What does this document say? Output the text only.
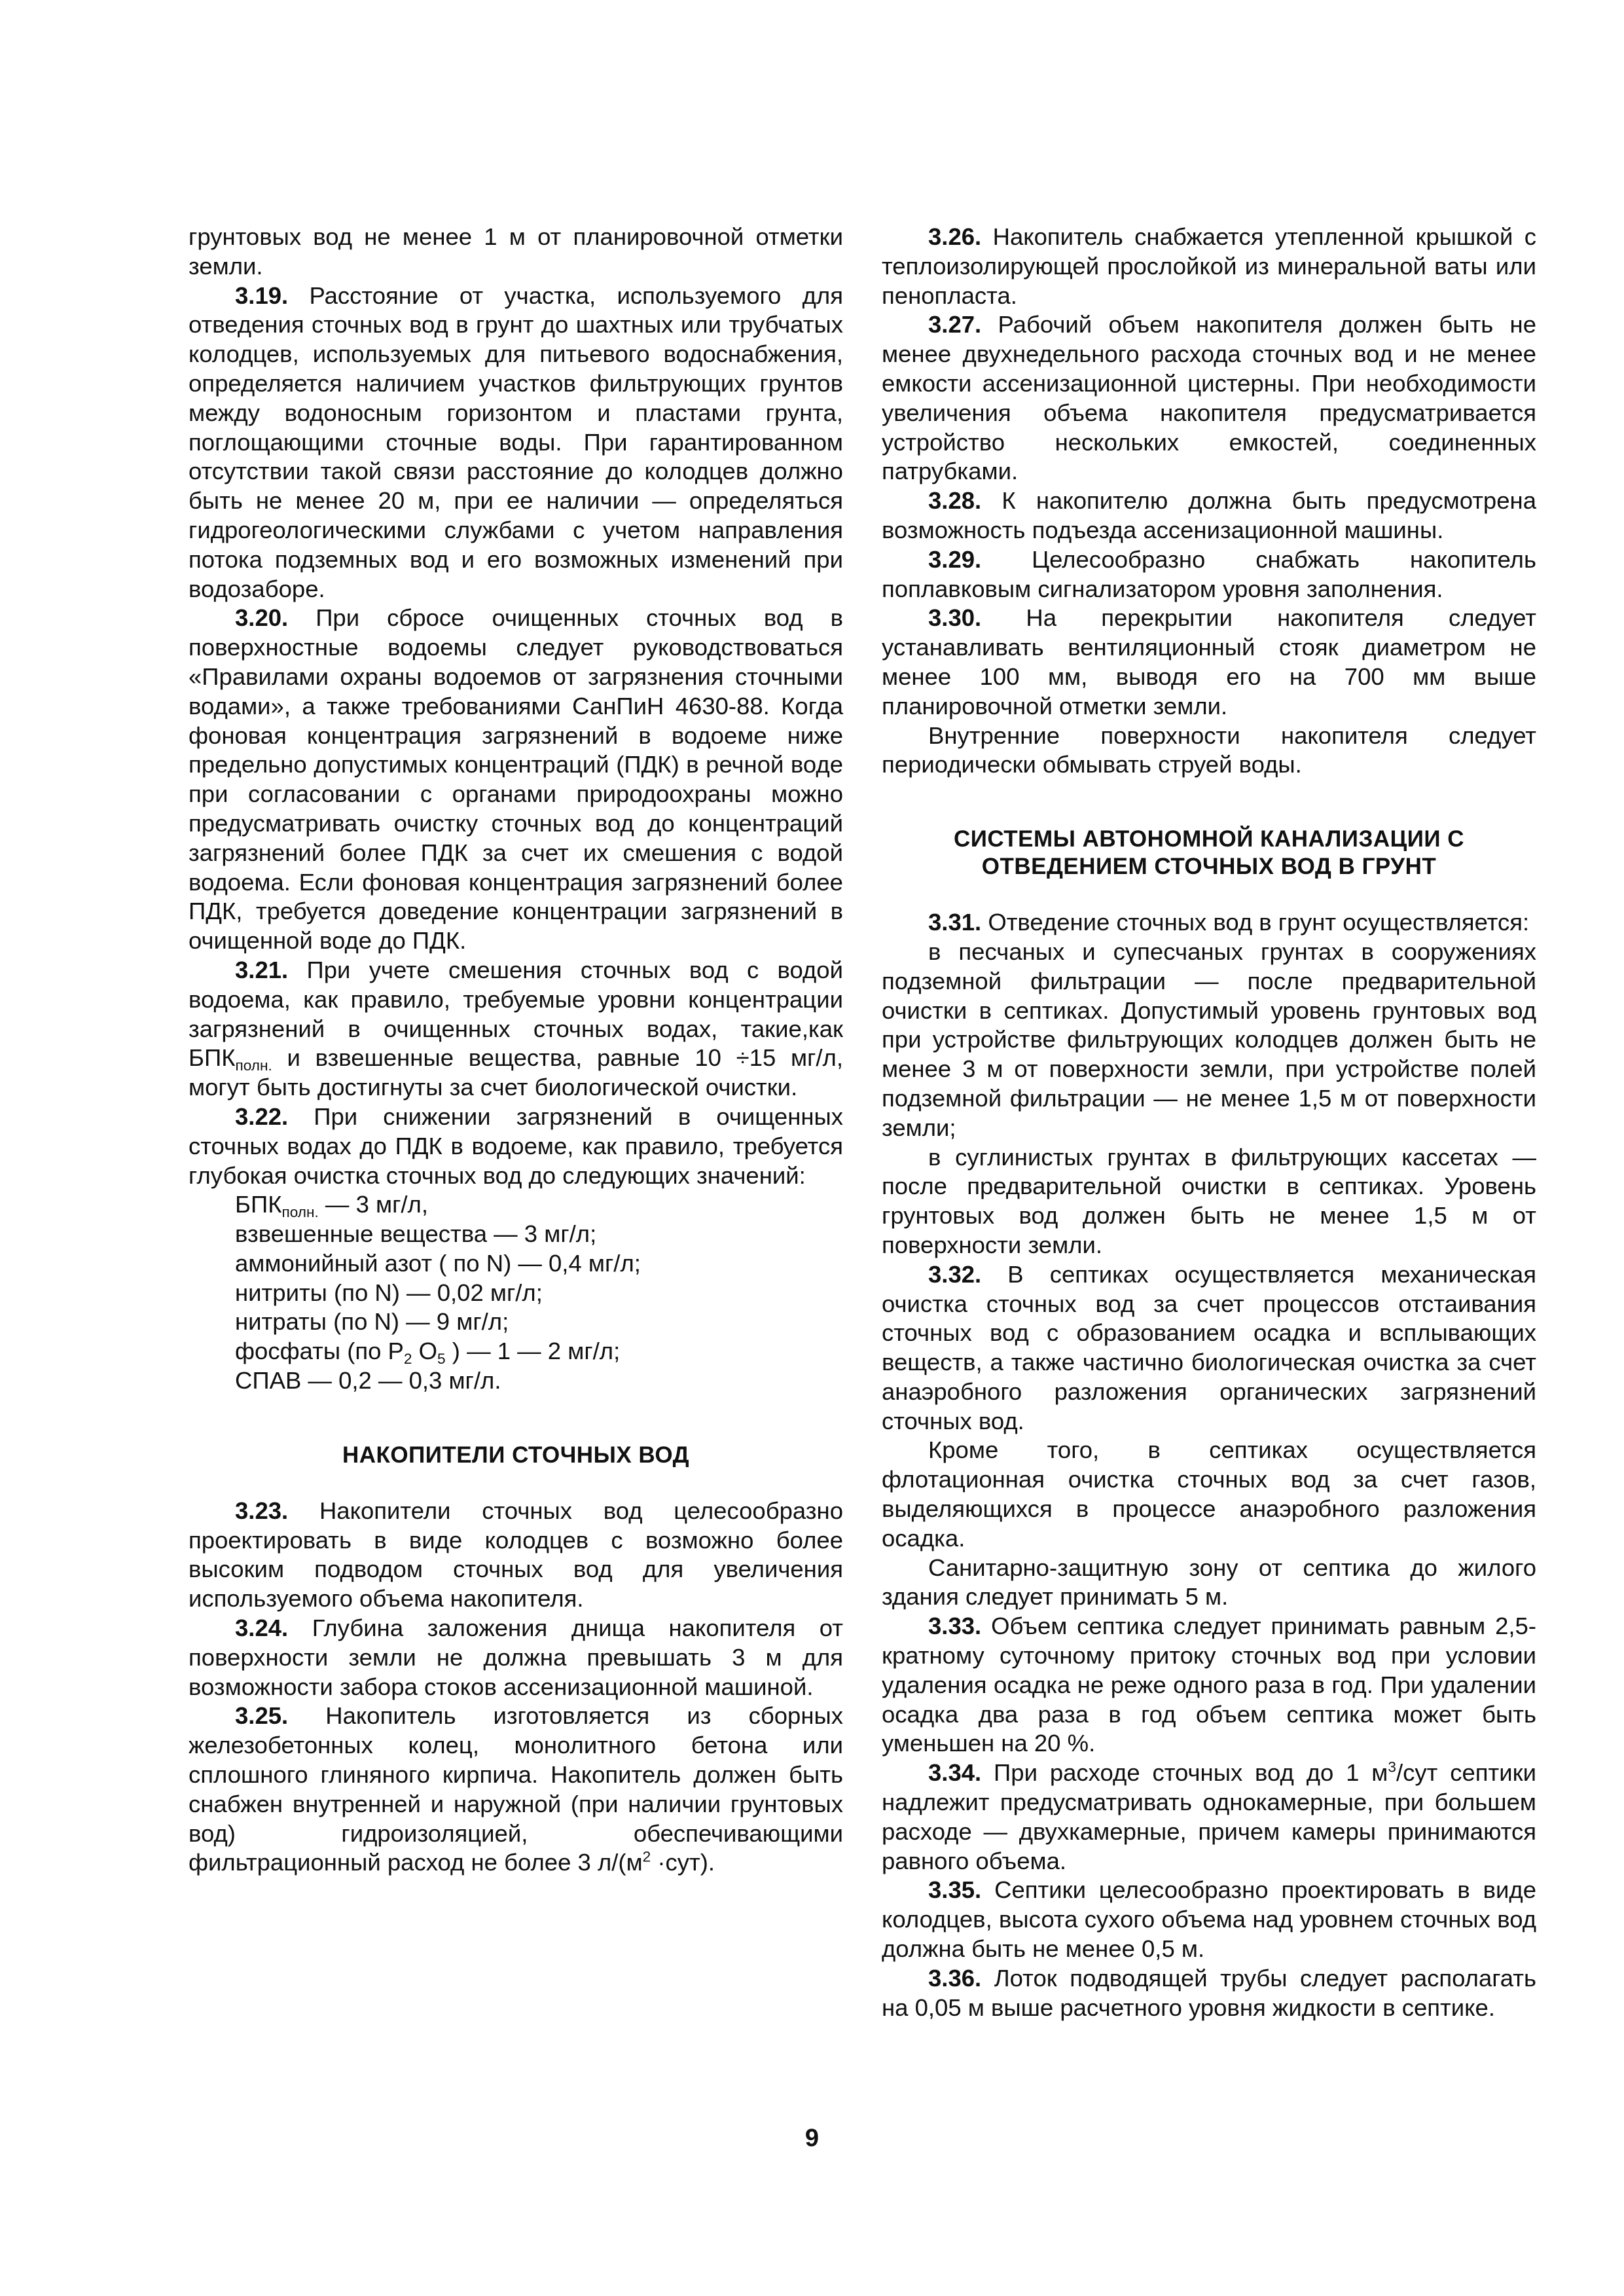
грунтовых вод не менее 1 м от планировочной отметки земли.

3.19. Расстояние от участка, используемого для отведения сточных вод в грунт до шахтных или трубчатых колодцев, используемых для питьевого водоснабжения, определяется наличием участков фильтрующих грунтов между водоносным горизонтом и пластами грунта, поглощающими сточные воды. При гарантированном отсутствии такой связи расстояние до колодцев должно быть не менее 20 м, при ее наличии — определяться гидрогеологическими службами с учетом направления потока подземных вод и его возможных изменений при водозаборе.

3.20. При сбросе очищенных сточных вод в поверхностные водоемы следует руководствоваться «Правилами охраны водоемов от загрязнения сточными водами», а также требованиями СанПиН 4630-88. Когда фоновая концентрация загрязнений в водоеме ниже предельно допустимых концентраций (ПДК) в речной воде при согласовании с органами природоохраны можно предусматривать очистку сточных вод до концентраций загрязнений более ПДК за счет их смешения с водой водоема. Если фоновая концентрация загрязнений более ПДК, требуется доведение концентрации загрязнений в очищенной воде до ПДК.

3.21. При учете смешения сточных вод с водой водоема, как правило, требуемые уровни концентрации загрязнений в очищенных сточных водах, такие,как $БПК_{полн.}$ и взвешенные вещества, равные 10 ÷15 мг/л, могут быть достигнуты за счет биологической очистки.

3.22. При снижении загрязнений в очищенных сточных водах до ПДК в водоеме, как правило, требуется глубокая очистка сточных вод до следующих значений:

$БПК_{полн.}$ — 3 мг/л,

взвешенные вещества — 3 мг/л;

аммонийный азот ( по N) — 0,4 мг/л;

нитриты (по N) — 0,02 мг/л;

нитраты (по N) — 9 мг/л;

фосфаты (по $P_2$ $O_5$ ) — 1 — 2 мг/л;

СПАВ — 0,2 — 0,3 мг/л.

НАКОПИТЕЛИ СТОЧНЫХ ВОД

3.23. Накопители сточных вод целесообразно проектировать в виде колодцев с возможно более высоким подводом сточных вод для увеличения используемого объема накопителя.

3.24. Глубина заложения днища накопителя от поверхности земли не должна превышать 3 м для возможности забора стоков ассенизационной машиной.

3.25. Накопитель изготовляется из сборных железобетонных колец, монолитного бетона или сплошного глиняного кирпича. Накопитель должен быть снабжен внутренней и наружной (при наличии грунтовых вод) гидроизоляцией, обеспечивающими фильтрационный расход не более 3 $л/(м^2 \cdot сут)$.

3.26. Накопитель снабжается утепленной крышкой с теплоизолирующей прослойкой из минеральной ваты или пенопласта.

3.27. Рабочий объем накопителя должен быть не менее двухнедельного расхода сточных вод и не менее емкости ассенизационной цистерны. При необходимости увеличения объема накопителя предусматривается устройство нескольких емкостей, соединенных патрубками.

3.28. К накопителю должна быть предусмотрена возможность подъезда ассенизационной машины.

3.29. Целесообразно снабжать накопитель поплавковым сигнализатором уровня заполнения.

3.30. На перекрытии накопителя следует устанавливать вентиляционный стояк диаметром не менее 100 мм, выводя его на 700 мм выше планировочной отметки земли.

Внутренние поверхности накопителя следует периодически обмывать струей воды.

СИСТЕМЫ АВТОНОМНОЙ КАНАЛИЗАЦИИ С ОТВЕДЕНИЕМ СТОЧНЫХ ВОД В ГРУНТ

3.31. Отведение сточных вод в грунт осуществляется:

в песчаных и супесчаных грунтах в сооружениях подземной фильтрации — после предварительной очистки в септиках. Допустимый уровень грунтовых вод при устройстве фильтрующих колодцев должен быть не менее 3 м от поверхности земли, при устройстве полей подземной фильтрации — не менее 1,5 м от поверхности земли;

в суглинистых грунтах в фильтрующих кассетах — после предварительной очистки в септиках. Уровень грунтовых вод должен быть не менее 1,5 м от поверхности земли.

3.32. В септиках осуществляется механическая очистка сточных вод за счет процессов отстаивания сточных вод с образованием осадка и всплывающих веществ, а также частично биологическая очистка за счет анаэробного разложения органических загрязнений сточных вод.

Кроме того, в септиках осуществляется флотационная очистка сточных вод за счет газов, выделяющихся в процессе анаэробного разложения осадка.

Санитарно-защитную зону от септика до жилого здания следует принимать 5 м.

3.33. Объем септика следует принимать равным 2,5-кратному суточному притоку сточных вод при условии удаления осадка не реже одного раза в год. При удалении осадка два раза в год объем септика может быть уменьшен на 20 %.

3.34. При расходе сточных вод до 1 $м^3$/сут септики надлежит предусматривать однокамерные, при большем расходе — двухкамерные, причем камеры принимаются равного объема.

3.35. Септики целесообразно проектировать в виде колодцев, высота сухого объема над уровнем сточных вод должна быть не менее 0,5 м.

3.36. Лоток подводящей трубы следует располагать на 0,05 м выше расчетного уровня жидкости в септике.

9
